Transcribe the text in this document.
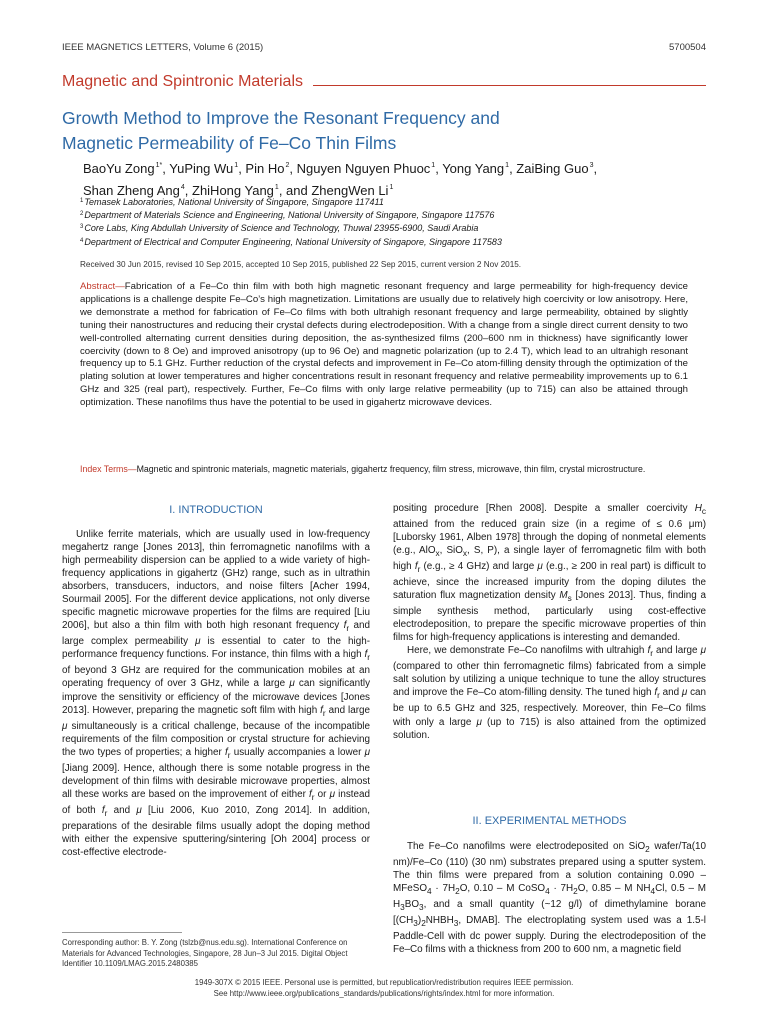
IEEE MAGNETICS LETTERS, Volume 6 (2015)	5700504
Magnetic and Spintronic Materials
Growth Method to Improve the Resonant Frequency and
Magnetic Permeability of Fe–Co Thin Films
BaoYu Zong$^{1*}$, YuPing Wu$^1$, Pin Ho$^2$, Nguyen Nguyen Phuoc$^1$, Yong Yang$^1$, ZaiBing Guo$^3$,
Shan Zheng Ang$^4$, ZhiHong Yang$^1$, and ZhengWen Li$^1$
$^1$Temasek Laboratories, National University of Singapore, Singapore 117411
$^2$Department of Materials Science and Engineering, National University of Singapore, Singapore 117576
$^3$Core Labs, King Abdullah University of Science and Technology, Thuwal 23955-6900, Saudi Arabia
$^4$Department of Electrical and Computer Engineering, National University of Singapore, Singapore 117583
Received 30 Jun 2015, revised 10 Sep 2015, accepted 10 Sep 2015, published 22 Sep 2015, current version 2 Nov 2015.
Abstract—Fabrication of a Fe–Co thin film with both high magnetic resonant frequency and large permeability for high-frequency device applications is a challenge despite Fe–Co’s high magnetization. Limitations are usually due to relatively high coercivity or low anisotropy. Here, we demonstrate a method for fabrication of Fe–Co films with both ultrahigh resonant frequency and large permeability, obtained by slightly tuning their nanostructures and reducing their crystal defects during electrodeposition. With a change from a single direct current density to two well-controlled alternating current densities during deposition, the as-synthesized films (200–600 nm in thickness) have significantly lower coercivity (down to 8 Oe) and improved anisotropy (up to 96 Oe) and magnetic polarization (up to 2.4 T), which lead to an ultrahigh resonant frequency up to 5.1 GHz. Further reduction of the crystal defects and improvement in Fe–Co atom-filling density through the optimization of the plating solution at lower temperatures and higher concentrations result in resonant frequency and relative permeability improvements up to 6.1 GHz and 325 (real part), respectively. Further, Fe–Co films with only large relative permeability (up to 715) can also be attained through optimization. These nanofilms thus have the potential to be used in gigahertz microwave devices.
Index Terms—Magnetic and spintronic materials, magnetic materials, gigahertz frequency, film stress, microwave, thin film, crystal microstructure.
I. INTRODUCTION

Unlike ferrite materials, which are usually used in low-frequency megahertz range [Jones 2013], thin ferromagnetic nanofilms with a high permeability dispersion can be applied to a wide variety of high-frequency applications in gigahertz (GHz) range, such as in ultrathin absorbers, transducers, inductors, and noise filters [Acher 1994, Sourmail 2005]. For the different device applications, not only diverse specific magnetic microwave properties for the films are required [Liu 2006], but also a thin film with both high resonant frequency $f_r$ and large complex permeability μ is essential to cater to the high-performance frequency functions. For instance, thin films with a high $f_r$ of beyond 3 GHz are required for the communication mobiles at an operating frequency of over 3 GHz, while a large μ can significantly improve the sensitivity or efficiency of the microwave devices [Jones 2013]. However, preparing the magnetic soft film with high $f_r$ and large μ simultaneously is a critical challenge, because of the incompatible requirements of the film composition or crystal structure for achieving the two types of properties; a higher $f_r$ usually accompanies a lower μ [Jiang 2009]. Hence, although there is some notable progress in the development of thin films with desirable microwave properties, almost all these works are based on the improvement of either $f_r$ or μ instead of both $f_r$ and μ [Liu 2006, Kuo 2010, Zong 2014]. In addition, preparations of the desirable films usually adopt the doping method with either the expensive sputtering/sintering [Oh 2004] process or cost-effective electrode-

positing procedure [Rhen 2008]. Despite a smaller coercivity $H_c$ attained from the reduced grain size (in a regime of ≤ 0.6 μm) [Luborsky 1961, Alben 1978] through the doping of nonmetal elements (e.g., AlO$_x$, SiO$_x$, S, P), a single layer of ferromagnetic film with both high $f_r$ (e.g., ≥ 4 GHz) and large μ (e.g., ≥ 200 in real part) is difficult to achieve, since the increased impurity from the doping dilutes the saturation flux magnetization density $M_s$ [Jones 2013]. Thus, finding a simple synthesis method, particularly using cost-effective electrodeposition, to prepare the specific microwave properties of thin films for high-frequency applications is interesting and demanded.

Here, we demonstrate Fe–Co nanofilms with ultrahigh $f_r$ and large μ (compared to other thin ferromagnetic films) fabricated from a simple salt solution by utilizing a unique technique to tune the alloy structures and improve the Fe–Co atom-filling density. The tuned high $f_r$ and μ can be up to 6.5 GHz and 325, respectively. Moreover, thin Fe–Co films with only a large μ (up to 715) is also attained from the optimized solution.

II. EXPERIMENTAL METHODS

The Fe–Co nanofilms were electrodeposited on SiO$_2$ wafer/Ta(10 nm)/Fe–Co (110) (30 nm) substrates prepared using a sputter system. The thin films were prepared from a solution containing 0.090 – MFeSO$_4$ · $7H_2O$, 0.10 – M CoSO$_4$ · $7H_2O$, 0.85 – M $NH_4Cl$, 0.5 – M $H_3BO_3$, and a small quantity (~12 g/l) of dimethylamine borane [$(CH_3)_2NHBH_3$, DMAB]. The electroplating system used was a 1.5-l Paddle-Cell with dc power supply. During the electrodeposition of the Fe–Co films with a thickness from 200 to 600 nm, a magnetic field

Corresponding author: B. Y. Zong (tslzb@nus.edu.sg). International Conference on Materials for Advanced Technologies, Singapore, 28 Jun–3 Jul 2015. Digital Object Identifier 10.1109/LMAG.2015.2480385
1949-307X © 2015 IEEE. Personal use is permitted, but republication/redistribution requires IEEE permission.
See http://www.ieee.org/publications_standards/publications/rights/index.html for more information.
